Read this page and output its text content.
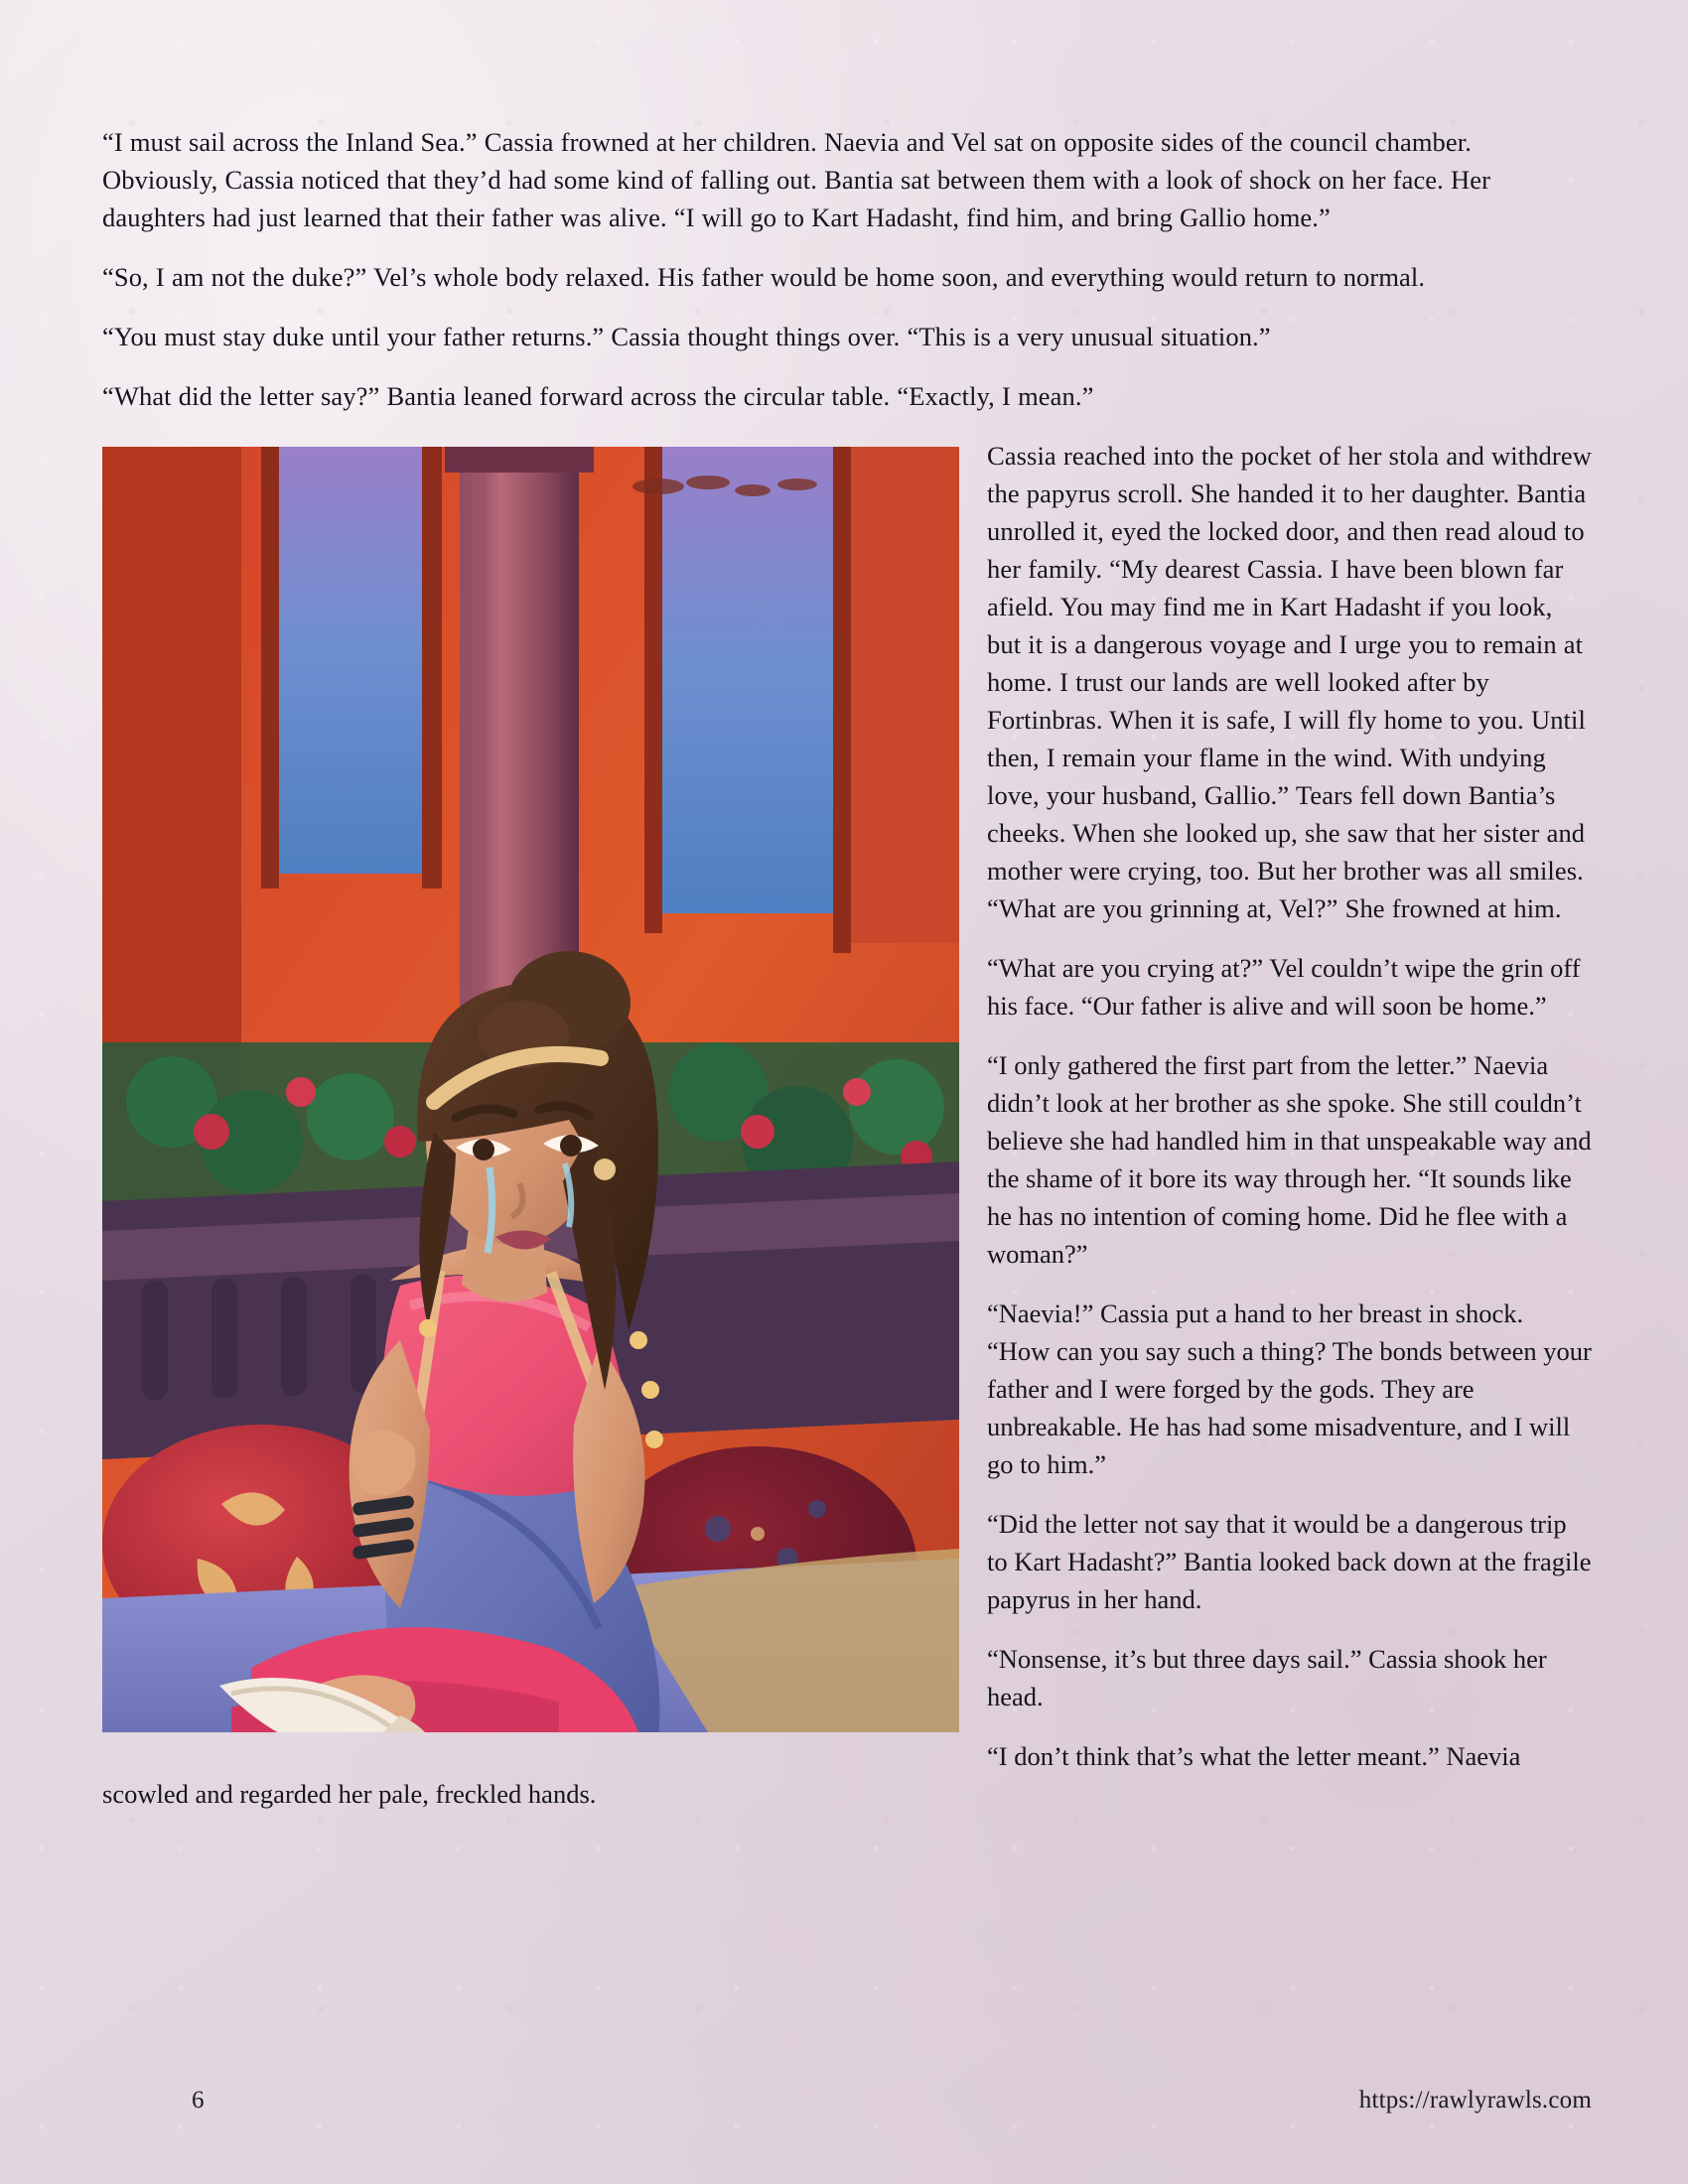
“I must sail across the Inland Sea.” Cassia frowned at her children. Naevia and Vel sat on opposite sides of the council chamber. Obviously, Cassia noticed that they’d had some kind of falling out. Bantia sat between them with a look of shock on her face. Her daughters had just learned that their father was alive. “I will go to Kart Hadasht, find him, and bring Gallio home.”

“So, I am not the duke?” Vel’s whole body relaxed. His father would be home soon, and everything would return to normal.

“You must stay duke until your father returns.” Cassia thought things over. “This is a very unusual situation.”

“What did the letter say?” Bantia leaned forward across the circular table. “Exactly, I mean.”

Cassia reached into the pocket of her stola and withdrew the papyrus scroll. She handed it to her daughter. Bantia unrolled it, eyed the locked door, and then read aloud to her family. “My dearest Cassia. I have been blown far afield. You may find me in Kart Hadasht if you look, but it is a dangerous voyage and I urge you to remain at home. I trust our lands are well looked after by Fortinbras. When it is safe, I will fly home to you. Until then, I remain your flame in the wind. With undying love, your husband, Gallio.” Tears fell down Bantia’s cheeks. When she looked up, she saw that her sister and mother were crying, too. But her brother was all smiles. “What are you grinning at, Vel?” She frowned at him.

“What are you crying at?” Vel couldn’t wipe the grin off his face. “Our father is alive and will soon be home.”

“I only gathered the first part from the letter.” Naevia didn’t look at her brother as she spoke. She still couldn’t believe she had handled him in that unspeakable way and the shame of it bore its way through her. “It sounds like he has no intention of coming home. Did he flee with a woman?”

“Naevia!” Cassia put a hand to her breast in shock. “How can you say such a thing? The bonds between your father and I were forged by the gods. They are unbreakable. He has had some misadventure, and I will go to him.”

“Did the letter not say that it would be a dangerous trip to Kart Hadasht?” Bantia looked back down at the fragile papyrus in her hand.

“Nonsense, it’s but three days sail.” Cassia shook her head.

“I don’t think that’s what the letter meant.” Naevia scowled and regarded her pale, freckled hands.

6	https://rawlyrawls.com
